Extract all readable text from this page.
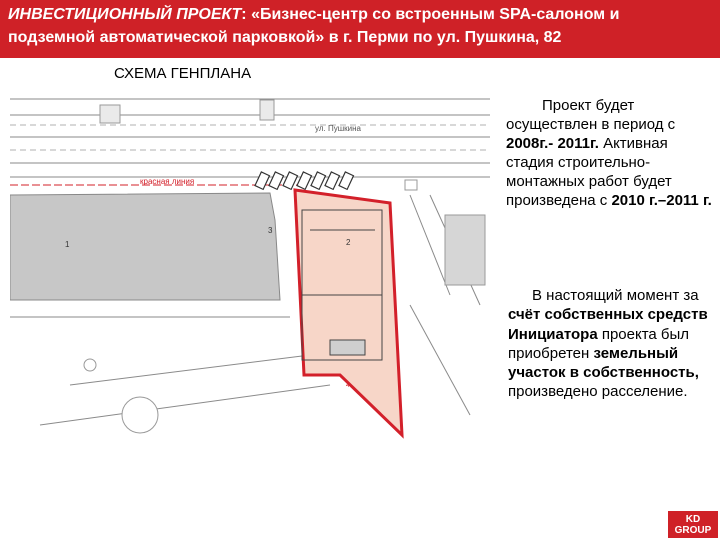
ИНВЕСТИЦИОННЫЙ ПРОЕКТ: «Бизнес-центр со встроенным SPA-салоном и
подземной автоматической парковкой» в г. Перми по ул. Пушкина, 82
СХЕМА ГЕНПЛАНА
красная линия
ул. Пушкина
1
3
2
4

Проект будет осуществлен в период с 2008г.- 2011г. Активная стадия строительно-монтажных работ будет произведена с 2010 г.–2011 г.

В настоящий момент за счёт собственных средств Инициатора проекта был приобретен земельный участок в собственность, произведено расселение.

KD
GROUP
